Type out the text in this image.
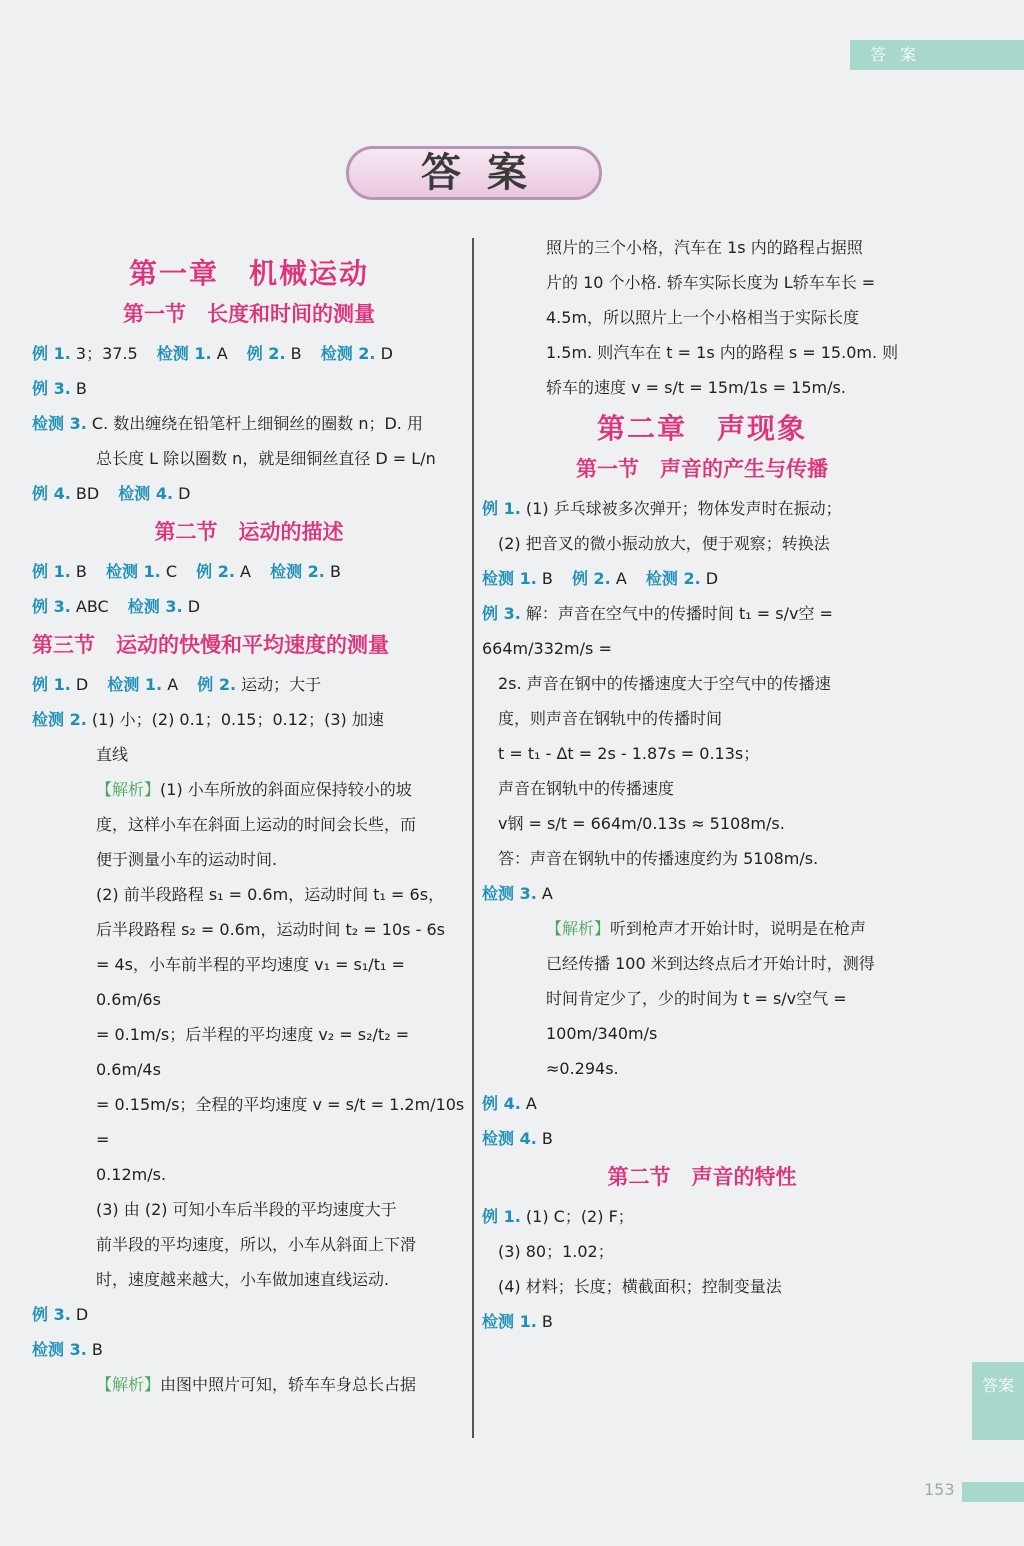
答案
答案
153
答案
第一章　机械运动
第一节　长度和时间的测量

例 1. 3；37.5 检测 1. A 例 2. B 检测 2. D

例 3. B

检测 3. C. 数出缠绕在铅笔杆上细铜丝的圈数 n；D. 用

总长度 L 除以圈数 n，就是细铜丝直径 D = L/n

例 4. BD 检测 4. D

第二节　运动的描述

例 1. B 检测 1. C 例 2. A 检测 2. B

例 3. ABC 检测 3. D

第三节　运动的快慢和平均速度的测量

例 1. D 检测 1. A 例 2. 运动；大于

检测 2. (1) 小；(2) 0.1；0.15；0.12；(3) 加速

直线

【解析】(1) 小车所放的斜面应保持较小的坡

度，这样小车在斜面上运动的时间会长些，而

便于测量小车的运动时间.

(2) 前半段路程 s₁ = 0.6m，运动时间 t₁ = 6s，

后半段路程 s₂ = 0.6m，运动时间 t₂ = 10s - 6s

= 4s，小车前半程的平均速度 v₁ = s₁/t₁ = 0.6m/6s

= 0.1m/s；后半程的平均速度 v₂ = s₂/t₂ = 0.6m/4s

= 0.15m/s；全程的平均速度 v = s/t = 1.2m/10s =

0.12m/s.

(3) 由 (2) 可知小车后半段的平均速度大于

前半段的平均速度，所以，小车从斜面上下滑

时，速度越来越大，小车做加速直线运动.

例 3. D

检测 3. B

【解析】由图中照片可知，轿车车身总长占据

照片的三个小格，汽车在 1s 内的路程占据照

片的 10 个小格. 轿车实际长度为 L轿车车长 =

4.5m，所以照片上一个小格相当于实际长度

1.5m. 则汽车在 t = 1s 内的路程 s = 15.0m. 则

轿车的速度 v = s/t = 15m/1s = 15m/s.

第二章　声现象
第一节　声音的产生与传播

例 1. (1) 乒乓球被多次弹开；物体发声时在振动；

(2) 把音叉的微小振动放大，便于观察；转换法

检测 1. B 例 2. A 检测 2. D

例 3. 解：声音在空气中的传播时间 t₁ = s/v空 = 664m/332m/s =

2s. 声音在钢中的传播速度大于空气中的传播速

度，则声音在钢轨中的传播时间

t = t₁ - Δt = 2s - 1.87s = 0.13s；

声音在钢轨中的传播速度

v钢 = s/t = 664m/0.13s ≈ 5108m/s.

答：声音在钢轨中的传播速度约为 5108m/s.

检测 3. A

【解析】听到枪声才开始计时，说明是在枪声

已经传播 100 米到达终点后才开始计时，测得

时间肯定少了，少的时间为 t = s/v空气 = 100m/340m/s

≈0.294s.

例 4. A

检测 4. B

第二节　声音的特性

例 1. (1) C；(2) F；

(3) 80；1.02；

(4) 材料；长度；横截面积；控制变量法

检测 1. B
